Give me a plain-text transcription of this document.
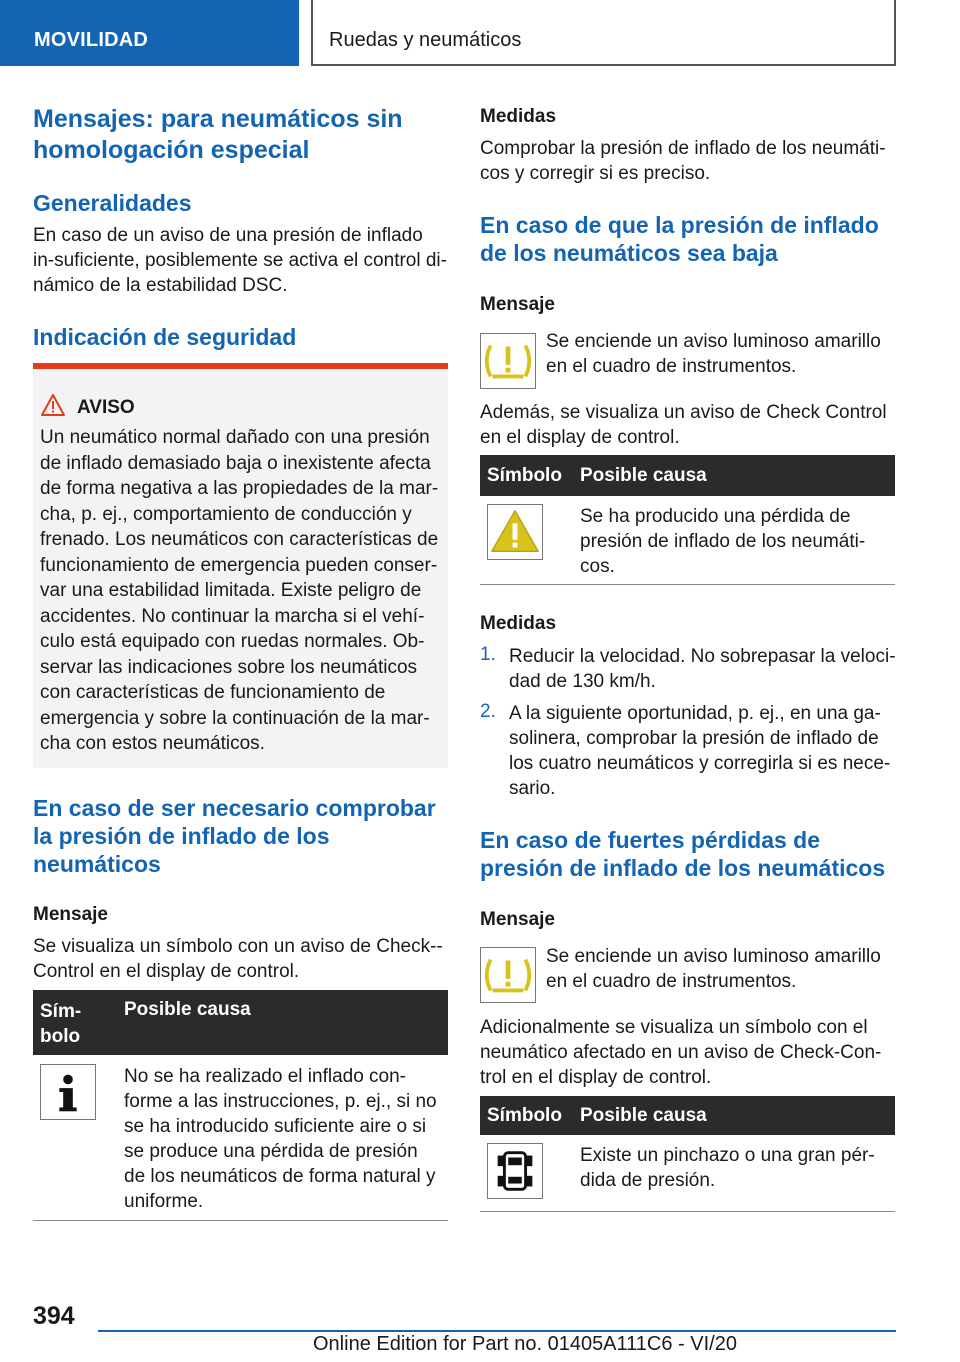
MOVILIDAD	Ruedas y neumáticos
Mensajes: para neumáticos sin homologación especial
Generalidades
En caso de un aviso de una presión de inflado in-suficiente, posiblemente se activa el control di-námico de la estabilidad DSC.
Indicación de seguridad
AVISO
Un neumático normal dañado con una presión de inflado demasiado baja o inexistente afecta de forma negativa a las propiedades de la mar-cha, p. ej., comportamiento de conducción y frenado. Los neumáticos con características de funcionamiento de emergencia pueden conser-var una estabilidad limitada. Existe peligro de accidentes. No continuar la marcha si el vehí-culo está equipado con ruedas normales. Ob-servar las indicaciones sobre los neumáticos con características de funcionamiento de emergencia y sobre la continuación de la mar-cha con estos neumáticos.
En caso de ser necesario comprobar la presión de inflado de los neumáticos
Mensaje
Se visualiza un símbolo con un aviso de Check--Control en el display de control.
Sím-bolo
Posible causa
No se ha realizado el inflado con-forme a las instrucciones, p. ej., si no se ha introducido suficiente aire o si se produce una pérdida de presión de los neumáticos de forma natural y uniforme.
Medidas
Comprobar la presión de inflado de los neumáti-cos y corregir si es preciso.
En caso de que la presión de inflado de los neumáticos sea baja
Mensaje
Se enciende un aviso luminoso amarillo en el cuadro de instrumentos.
Además, se visualiza un aviso de Check Control en el display de control.
Símbolo Posible causa
Se ha producido una pérdida de presión de inflado de los neumáti-cos.
Medidas
1. Reducir la velocidad. No sobrepasar la veloci-dad de 130 km/h.
2. A la siguiente oportunidad, p. ej., en una ga-solinera, comprobar la presión de inflado de los cuatro neumáticos y corregirla si es nece-sario.
En caso de fuertes pérdidas de presión de inflado de los neumáticos
Mensaje
Se enciende un aviso luminoso amarillo en el cuadro de instrumentos.
Adicionalmente se visualiza un símbolo con el neumático afectado en un aviso de Check-Con-trol en el display de control.
Símbolo Posible causa
Existe un pinchazo o una gran pér-dida de presión.
394
Online Edition for Part no. 01405A111C6 - VI/20
